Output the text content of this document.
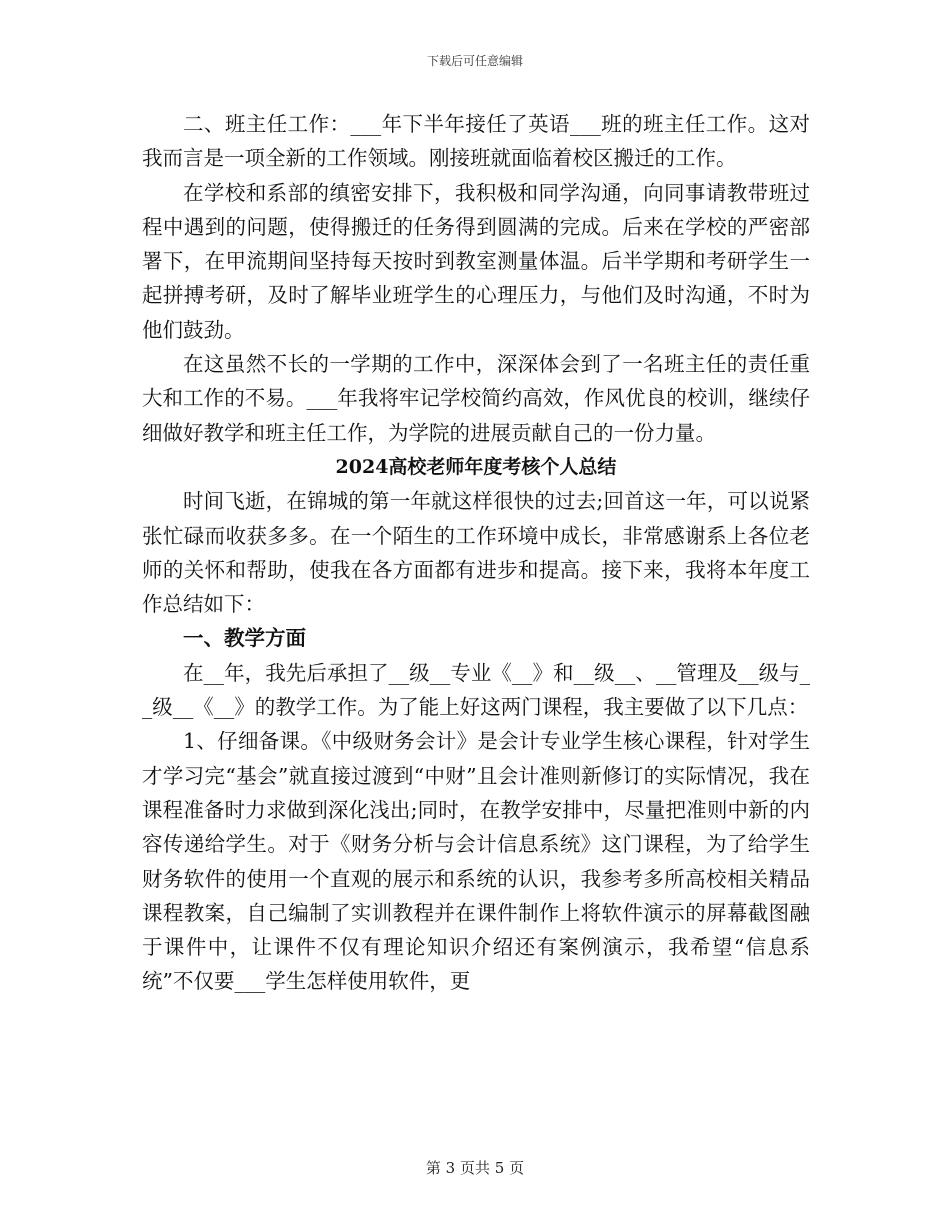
下载后可任意编辑

二、班主任工作：___年下半年接任了英语___班的班主任工作。这对我而言是一项全新的工作领域。刚接班就面临着校区搬迁的工作。

在学校和系部的缜密安排下，我积极和同学沟通，向同事请教带班过程中遇到的问题，使得搬迁的任务得到圆满的完成。后来在学校的严密部署下，在甲流期间坚持每天按时到教室测量体温。后半学期和考研学生一起拼搏考研，及时了解毕业班学生的心理压力，与他们及时沟通，不时为他们鼓劲。

在这虽然不长的一学期的工作中，深深体会到了一名班主任的责任重大和工作的不易。___年我将牢记学校简约高效，作风优良的校训，继续仔细做好教学和班主任工作，为学院的进展贡献自己的一份力量。

2024高校老师年度考核个人总结

时间飞逝，在锦城的第一年就这样很快的过去;回首这一年，可以说紧张忙碌而收获多多。在一个陌生的工作环境中成长，非常感谢系上各位老师的关怀和帮助，使我在各方面都有进步和提高。接下来，我将本年度工作总结如下：

一、教学方面

在__年，我先后承担了__级__专业《__》和__级__、__管理及__级与__级__《__》的教学工作。为了能上好这两门课程，我主要做了以下几点：

1、仔细备课。《中级财务会计》是会计专业学生核心课程，针对学生才学习完“基会”就直接过渡到“中财”且会计准则新修订的实际情况，我在课程准备时力求做到深化浅出;同时，在教学安排中，尽量把准则中新的内容传递给学生。对于《财务分析与会计信息系统》这门课程，为了给学生财务软件的使用一个直观的展示和系统的认识，我参考多所高校相关精品课程教案，自己编制了实训教程并在课件制作上将软件演示的屏幕截图融于课件中，让课件不仅有理论知识介绍还有案例演示，我希望“信息系统”不仅要___学生怎样使用软件，更

第 3 页共 5 页
